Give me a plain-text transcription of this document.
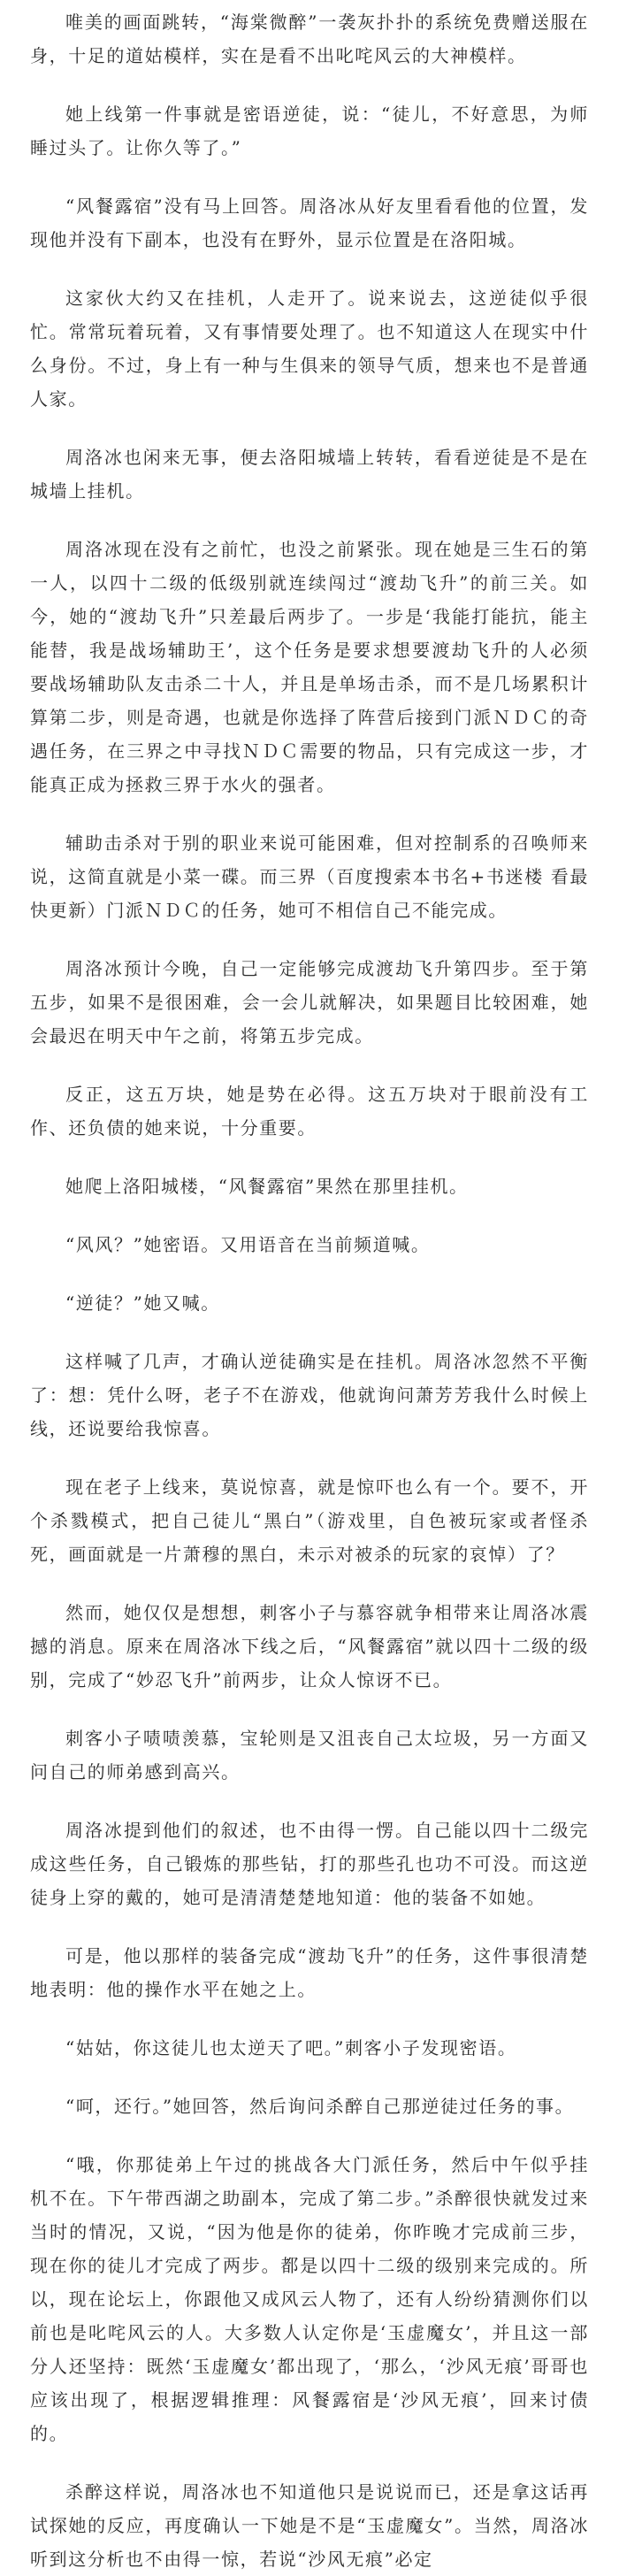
唯美的画面跳转，“海棠微醉”一袭灰扑扑的系统免费赠送服在身，十足的道姑模样，实在是看不出叱咤风云的大神模样。

她上线第一件事就是密语逆徒，说：“徒儿，不好意思，为师睡过头了。让你久等了。”

“风餐露宿”没有马上回答。周洛冰从好友里看看他的位置，发现他并没有下副本，也没有在野外，显示位置是在洛阳城。

这家伙大约又在挂机，人走开了。说来说去，这逆徒似乎很忙。常常玩着玩着，又有事情要处理了。也不知道这人在现实中什么身份。不过，身上有一种与生俱来的领导气质，想来也不是普通人家。

周洛冰也闲来无事，便去洛阳城墙上转转，看看逆徒是不是在城墙上挂机。

周洛冰现在没有之前忙，也没之前紧张。现在她是三生石的第一人，以四十二级的低级别就连续闯过“渡劫飞升”的前三关。如今，她的“渡劫飞升”只差最后两步了。一步是‘我能打能抗，能主能替，我是战场辅助王’，这个任务是要求想要渡劫飞升的人必须要战场辅助队友击杀二十人，并且是单场击杀，而不是几场累积计算第二步，则是奇遇，也就是你选择了阵营后接到门派ＮＤＣ的奇遇任务，在三界之中寻找ＮＤＣ需要的物品，只有完成这一步，才能真正成为拯救三界于水火的强者。

辅助击杀对于别的职业来说可能困难，但对控制系的召唤师来说，这简直就是小菜一碟。而三界（百度搜索本书名+书迷楼 看最快更新）门派ＮＤＣ的任务，她可不相信自己不能完成。

周洛冰预计今晚，自己一定能够完成渡劫飞升第四步。至于第五步，如果不是很困难，会一会儿就解决，如果题目比较困难，她会最迟在明天中午之前，将第五步完成。

反正，这五万块，她是势在必得。这五万块对于眼前没有工作、还负债的她来说，十分重要。

她爬上洛阳城楼，“风餐露宿”果然在那里挂机。

“风风？”她密语。又用语音在当前频道喊。

“逆徒？”她又喊。

这样喊了几声，才确认逆徒确实是在挂机。周洛冰忽然不平衡了：想：凭什么呀，老子不在游戏，他就询问萧芳芳我什么时候上线，还说要给我惊喜。

现在老子上线来，莫说惊喜，就是惊吓也么有一个。要不，开个杀戮模式，把自己徒儿“黑白”（游戏里，自色被玩家或者怪杀死，画面就是一片萧穆的黑白，未示对被杀的玩家的哀悼）了？

然而，她仅仅是想想，刺客小子与慕容就争相带来让周洛冰震撼的消息。原来在周洛冰下线之后，“风餐露宿”就以四十二级的级别，完成了“妙忍飞升”前两步，让众人惊讶不已。

刺客小子啧啧羡慕，宝轮则是又沮丧自己太垃圾，另一方面又问自己的师弟感到高兴。

周洛冰提到他们的叙述，也不由得一愣。自己能以四十二级完成这些任务，自己锻炼的那些钻，打的那些孔也功不可没。而这逆徒身上穿的戴的，她可是清清楚楚地知道：他的装备不如她。

可是，他以那样的装备完成“渡劫飞升”的任务，这件事很清楚地表明：他的操作水平在她之上。

“姑姑，你这徒儿也太逆天了吧。”刺客小子发现密语。

“呵，还行。”她回答，然后询问杀醉自己那逆徒过任务的事。

“哦，你那徒弟上午过的挑战各大门派任务，然后中午似乎挂机不在。下午带西湖之助副本，完成了第二步。”杀醉很快就发过来当时的情况，又说，“因为他是你的徒弟，你昨晚才完成前三步，现在你的徒儿才完成了两步。都是以四十二级的级别来完成的。所以，现在论坛上，你跟他又成风云人物了，还有人纷纷猜测你们以前也是叱咤风云的人。大多数人认定你是‘玉虚魔女’，并且这一部分人还坚持：既然‘玉虚魔女’都出现了，‘那么，‘沙风无痕’哥哥也应该出现了，根据逻辑推理：风餐露宿是‘沙风无痕’，回来讨债的。

杀醉这样说，周洛冰也不知道他只是说说而已，还是拿这话再试探她的反应，再度确认一下她是不是“玉虚魔女”。当然，周洛冰听到这分析也不由得一惊，若说“沙风无痕”必定
